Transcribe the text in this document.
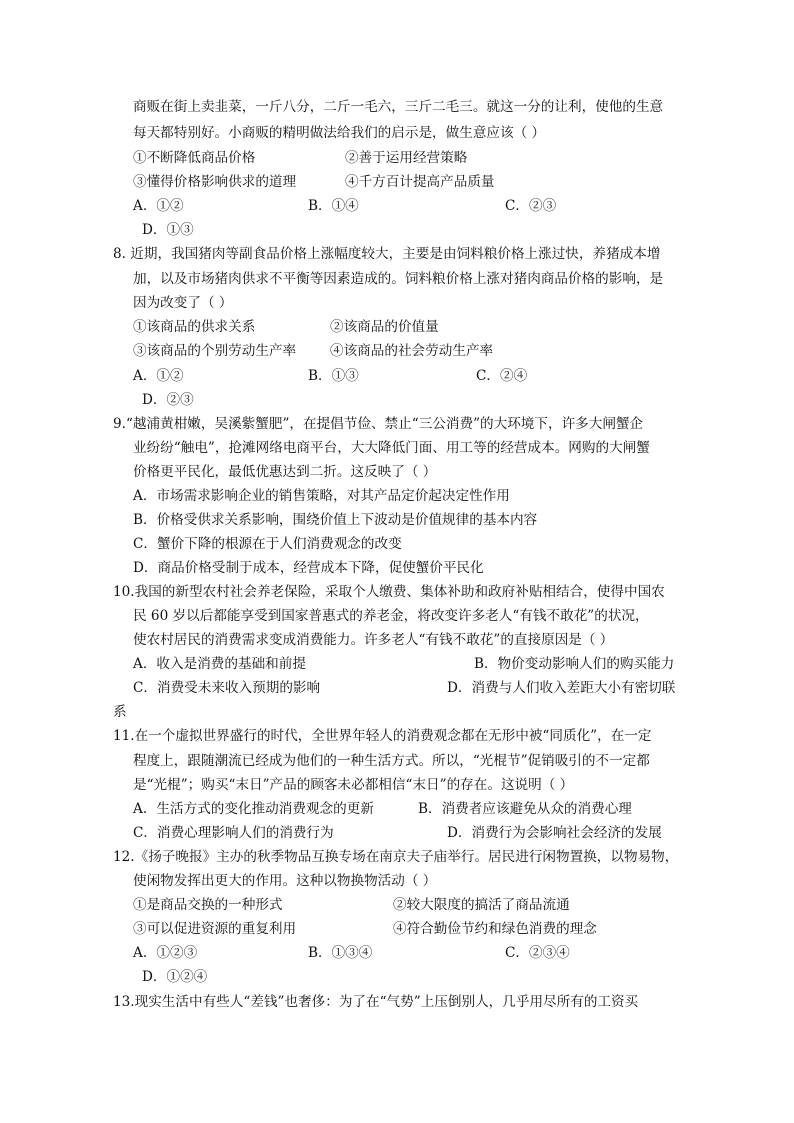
商贩在街上卖韭菜，一斤八分，二斤一毛六，三斤二毛三。就这一分的让利，使他的生意
每天都特别好。小商贩的精明做法给我们的启示是，做生意应该（ ）
①不断降低商品价格	②善于运用经营策略
③懂得价格影响供求的道理	④千方百计提高产品质量
A．①②	B．①④	C．②③
D．①③
8. 近期，我国猪肉等副食品价格上涨幅度较大，主要是由饲料粮价格上涨过快，养猪成本增
加，以及市场猪肉供求不平衡等因素造成的。饲料粮价格上涨对猪肉商品价格的影响，是
因为改变了（ ）
①该商品的供求关系	②该商品的价值量
③该商品的个别劳动生产率 ④该商品的社会劳动生产率
A．①②	B．①③	C．②④
D．②③
9.“越浦黄柑嫩，吴溪紫蟹肥”，在提倡节俭、禁止“三公消费”的大环境下，许多大闸蟹企
业纷纷“触电”，抢滩网络电商平台，大大降低门面、用工等的经营成本。网购的大闸蟹
价格更平民化，最低优惠达到二折。这反映了（ ）
A．市场需求影响企业的销售策略，对其产品定价起决定性作用
B．价格受供求关系影响，围绕价值上下波动是价值规律的基本内容
C．蟹价下降的根源在于人们消费观念的改变
D．商品价格受制于成本，经营成本下降，促使蟹价平民化
10.我国的新型农村社会养老保险，采取个人缴费、集体补助和政府补贴相结合，使得中国农
民 60 岁以后都能享受到国家普惠式的养老金，将改变许多老人“有钱不敢花”的状况，
使农村居民的消费需求变成消费能力。许多老人“有钱不敢花”的直接原因是（ ）
A．收入是消费的基础和前提	B．物价变动影响人们的购买能力
C．消费受未来收入预期的影响	D．消费与人们收入差距大小有密切联
系
11.在一个虚拟世界盛行的时代，全世界年轻人的消费观念都在无形中被“同质化”，在一定
程度上，跟随潮流已经成为他们的一种生活方式。所以，“光棍节”促销吸引的不一定都
是“光棍”；购买“末日”产品的顾客未必都相信“末日”的存在。这说明（ ）
A．生活方式的变化推动消费观念的更新	B．消费者应该避免从众的消费心理
C．消费心理影响人们的消费行为	D．消费行为会影响社会经济的发展
12.《扬子晚报》主办的秋季物品互换专场在南京夫子庙举行。居民进行闲物置换，以物易物，
使闲物发挥出更大的作用。这种以物换物活动（ ）
①是商品交换的一种形式	②较大限度的搞活了商品流通
③可以促进资源的重复利用	④符合勤俭节约和绿色消费的理念
A．①②③	B．①③④	C．②③④
D．①②④
13.现实生活中有些人“差钱”也奢侈：为了在“气势”上压倒别人，几乎用尽所有的工资买
